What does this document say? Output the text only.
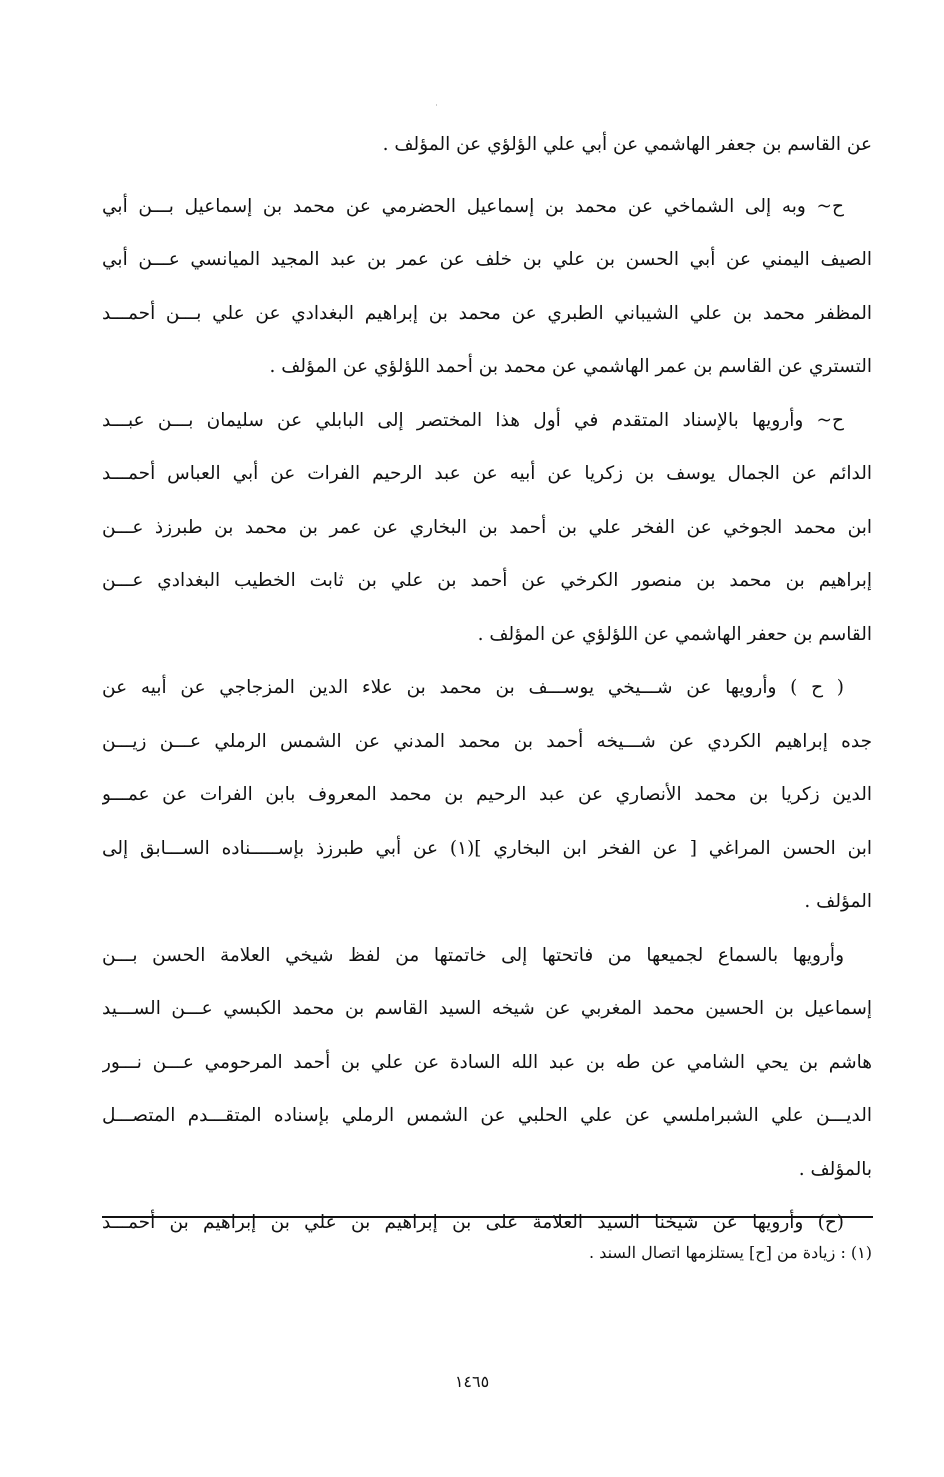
عن القاسم بن جعفر الهاشمي عن أبي علي الؤلؤي عن المؤلف .
ح~ وبه إلى الشماخي عن محمد بن إسماعيل الحضرمي عن محمد بن إسماعيل بـــن أبي
الصيف اليمني عن أبي الحسن بن علي بن خلف عن عمر بن عبد المجيد الميانسي عـــن أبي
المظفر محمد بن علي الشيباني الطبري عن محمد بن إبراهيم البغدادي عن علي بـــن أحمـــد
التستري عن القاسم بن عمر الهاشمي عن محمد بن أحمد اللؤلؤي عن المؤلف .
ح~ وأرويها بالإسناد المتقدم في أول هذا المختصر إلى البابلي عن سليمان بـــن عبـــد
الدائم عن الجمال يوسف بن زكريا عن أبيه عن عبد الرحيم الفرات عن أبي العباس أحمـــد
ابن محمد الجوخي عن الفخر علي بن أحمد بن البخاري عن عمر بن محمد بن طبرزذ عـــن
إبراهيم بن محمد بن منصور الكرخي عن أحمد بن علي بن ثابت الخطيب البغدادي عـــن
القاسم بن حعفر الهاشمي عن اللؤلؤي عن المؤلف .
( ح ) وأرويها عن شـــيخي يوســـف بن محمد بن علاء الدين المزجاجي عن أبيه عن
جده إبراهيم الكردي عن شـــيخه أحمد بن محمد المدني عن الشمس الرملي عـــن زيـــن
الدين زكريا بن محمد الأنصاري عن عبد الرحيم بن محمد المعروف بابن الفرات عن عمـــو
ابن الحسن المراغي [ عن الفخر ابن البخاري ](١) عن أبي طبرزذ بإســـــناده الســـابق إلى
المؤلف .
وأرويها بالسماع لجميعها من فاتحتها إلى خاتمتها من لفظ شيخي العلامة الحسن بـــن
إسماعيل بن الحسين محمد المغربي عن شيخه السيد القاسم بن محمد الكبسي عـــن الســـيد
هاشم بن يحي الشامي عن طه بن عبد الله السادة عن علي بن أحمد المرحومي عـــن نـــور
الديـــن علي الشبراملسي عن علي الحلبي عن الشمس الرملي بإسناده المتقـــدم المتصـــل
بالمؤلف .
(ح) وأرويها عن شيخنا السيد العلامة على بن إبراهيم بن علي بن إبراهيم بن أحمـــد
(١) : زيادة من [ح] يستلزمها اتصال السند .
١٤٦٥
